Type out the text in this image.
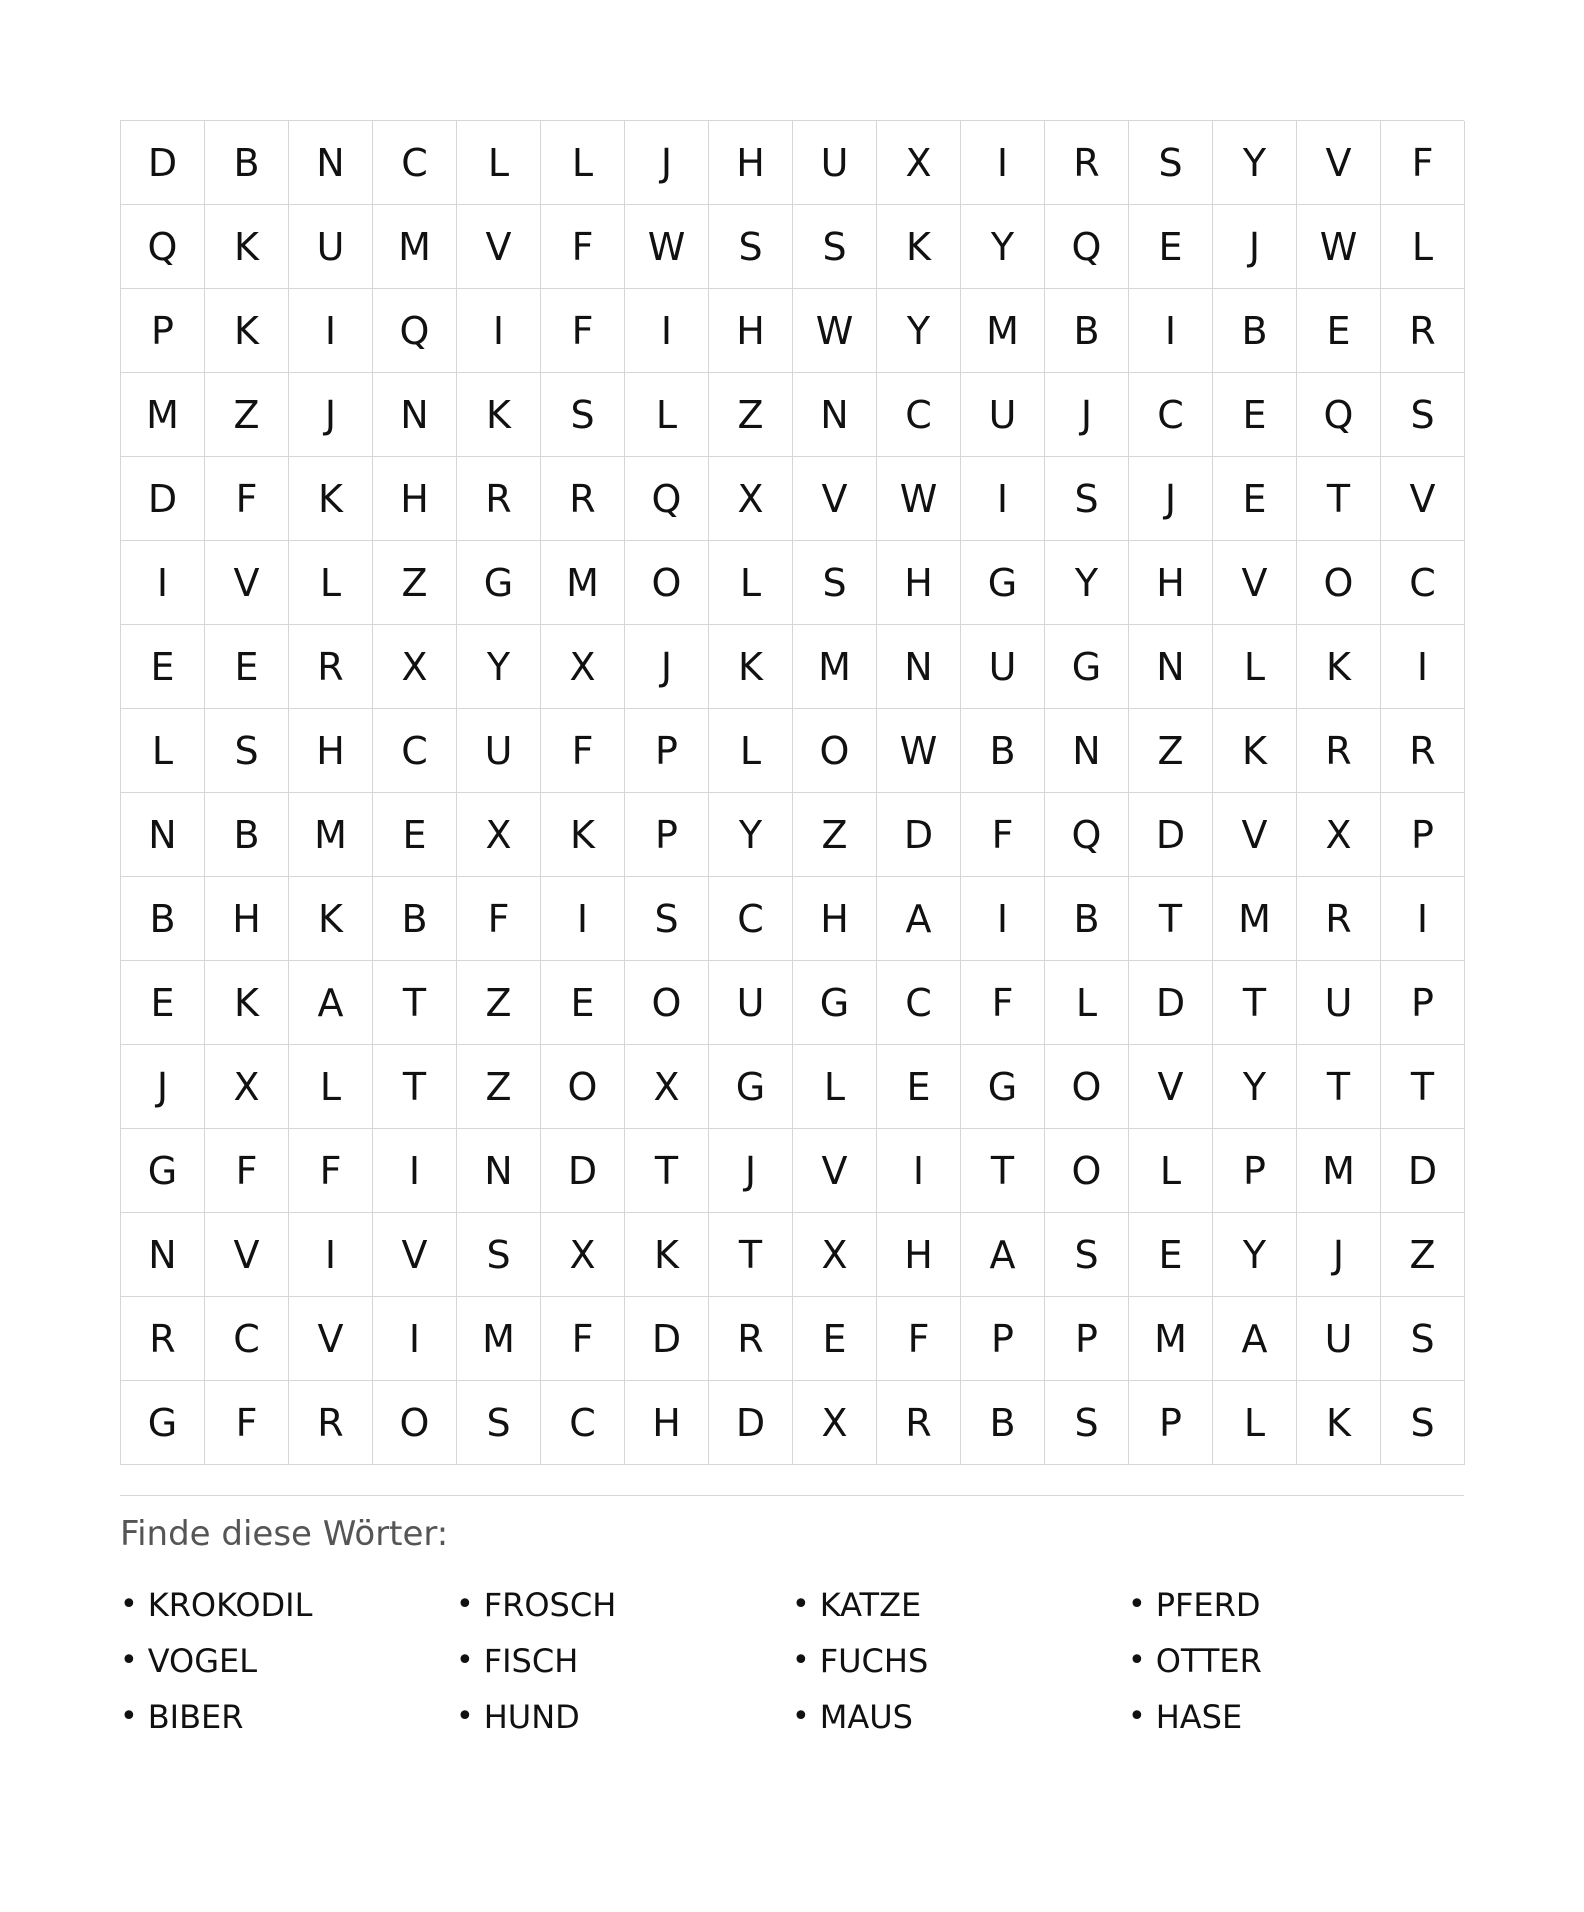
D	B	N	C	L	L	J	H	U	X	I	R	S	Y	V	F
Q	K	U	M	V	F	W	S	S	K	Y	Q	E	J	W	L
P	K	I	Q	I	F	I	H	W	Y	M	B	I	B	E	R
M	Z	J	N	K	S	L	Z	N	C	U	J	C	E	Q	S
D	F	K	H	R	R	Q	X	V	W	I	S	J	E	T	V
I	V	L	Z	G	M	O	L	S	H	G	Y	H	V	O	C
E	E	R	X	Y	X	J	K	M	N	U	G	N	L	K	I
L	S	H	C	U	F	P	L	O	W	B	N	Z	K	R	R
N	B	M	E	X	K	P	Y	Z	D	F	Q	D	V	X	P
B	H	K	B	F	I	S	C	H	A	I	B	T	M	R	I
E	K	A	T	Z	E	O	U	G	C	F	L	D	T	U	P
J	X	L	T	Z	O	X	G	L	E	G	O	V	Y	T	T
G	F	F	I	N	D	T	J	V	I	T	O	L	P	M	D
N	V	I	V	S	X	K	T	X	H	A	S	E	Y	J	Z
R	C	V	I	M	F	D	R	E	F	P	P	M	A	U	S
G	F	R	O	S	C	H	D	X	R	B	S	P	L	K	S
Finde diese Wörter:
• KROKODIL	• FROSCH	• KATZE	• PFERD
• VOGEL	• FISCH	• FUCHS	• OTTER
• BIBER	• HUND	• MAUS	• HASE
